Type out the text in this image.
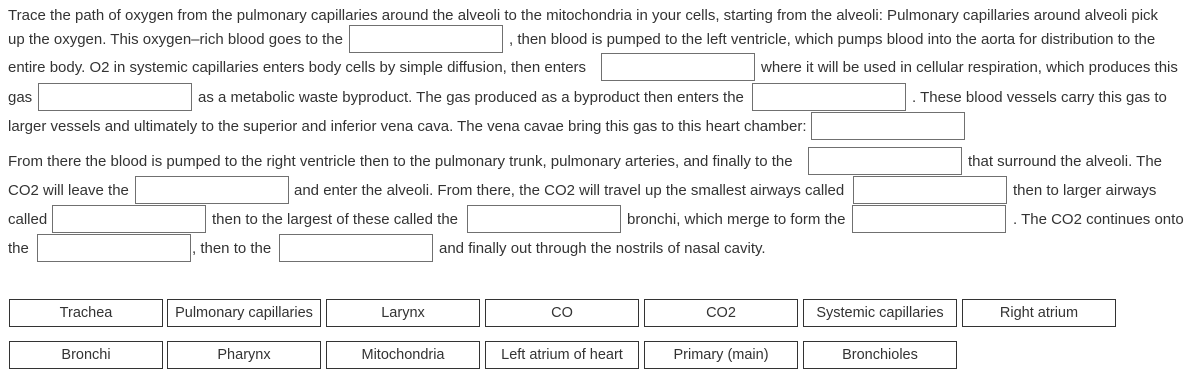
Trace the path of oxygen from the pulmonary capillaries around the alveoli to the mitochondria in your cells, starting from the alveoli: Pulmonary capillaries around alveoli pick
up the oxygen. This oxygen–rich blood goes to the	, then blood is pumped to the left ventricle, which pumps blood into the aorta for distribution to the
entire body. O2 in systemic capillaries enters body cells by simple diffusion, then enters	where it will be used in cellular respiration, which produces this
gas	as a metabolic waste byproduct. The gas produced as a byproduct then enters the	. These blood vessels carry this gas to
larger vessels and ultimately to the superior and inferior vena cava. The vena cavae bring this gas to this heart chamber:
From there the blood is pumped to the right ventricle then to the pulmonary trunk, pulmonary arteries, and finally to the	that surround the alveoli. The
CO2 will leave the	and enter the alveoli. From there, the CO2 will travel up the smallest airways called	then to larger airways
called	then to the largest of these called the	bronchi, which merge to form the	. The CO2 continues onto
the	, then to the	and finally out through the nostrils of nasal cavity.
Trachea	Pulmonary capillaries	Larynx	CO	CO2	Systemic capillaries	Right atrium
Bronchi	Pharynx	Mitochondria	Left atrium of heart	Primary (main)	Bronchioles
